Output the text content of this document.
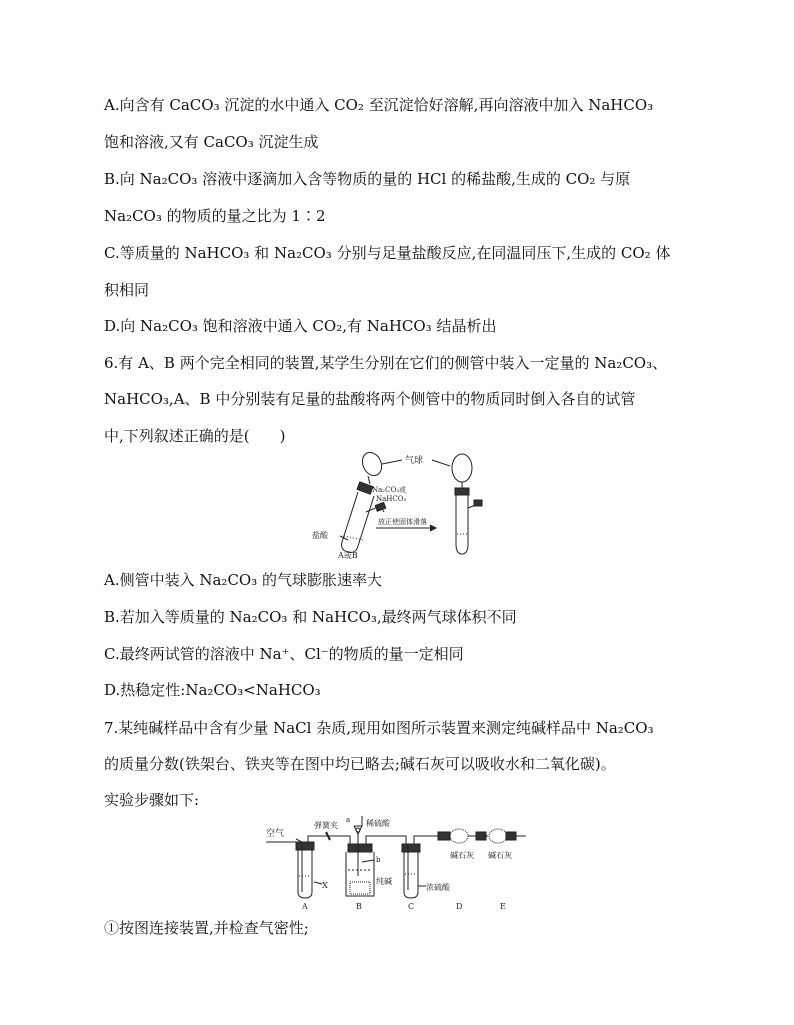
A.向含有 CaCO₃ 沉淀的水中通入 CO₂ 至沉淀恰好溶解,再向溶液中加入 NaHCO₃
饱和溶液,又有 CaCO₃ 沉淀生成
B.向 Na₂CO₃ 溶液中逐滴加入含等物质的量的 HCl 的稀盐酸,生成的 CO₂ 与原
Na₂CO₃ 的物质的量之比为 1∶2
C.等质量的 NaHCO₃ 和 Na₂CO₃ 分别与足量盐酸反应,在同温同压下,生成的 CO₂ 体
积相同
D.向 Na₂CO₃ 饱和溶液中通入 CO₂,有 NaHCO₃ 结晶析出
6.有 A、B 两个完全相同的装置,某学生分别在它们的侧管中装入一定量的 Na₂CO₃、
NaHCO₃,A、B 中分别装有足量的盐酸将两个侧管中的物质同时倒入各自的试管
中,下列叙述正确的是(　　)
气球
Na₂CO₃或
NaHCO₃
放正使固体滑落
盐酸
A或B
A.侧管中装入 Na₂CO₃ 的气球膨胀速率大
B.若加入等质量的 Na₂CO₃ 和 NaHCO₃,最终两气球体积不同
C.最终两试管的溶液中 Na⁺、Cl⁻的物质的量一定相同
D.热稳定性:Na₂CO₃<NaHCO₃
7.某纯碱样品中含有少量 NaCl 杂质,现用如图所示装置来测定纯碱样品中 Na₂CO₃
的质量分数(铁架台、铁夹等在图中均已略去;碱石灰可以吸收水和二氧化碳)。
实验步骤如下:
空气
弹簧夹
a 稀硫酸
b
X	纯碱
浓硫酸
碱石灰 碱石灰
A	B	C	D	E
①按图连接装置,并检查气密性;
